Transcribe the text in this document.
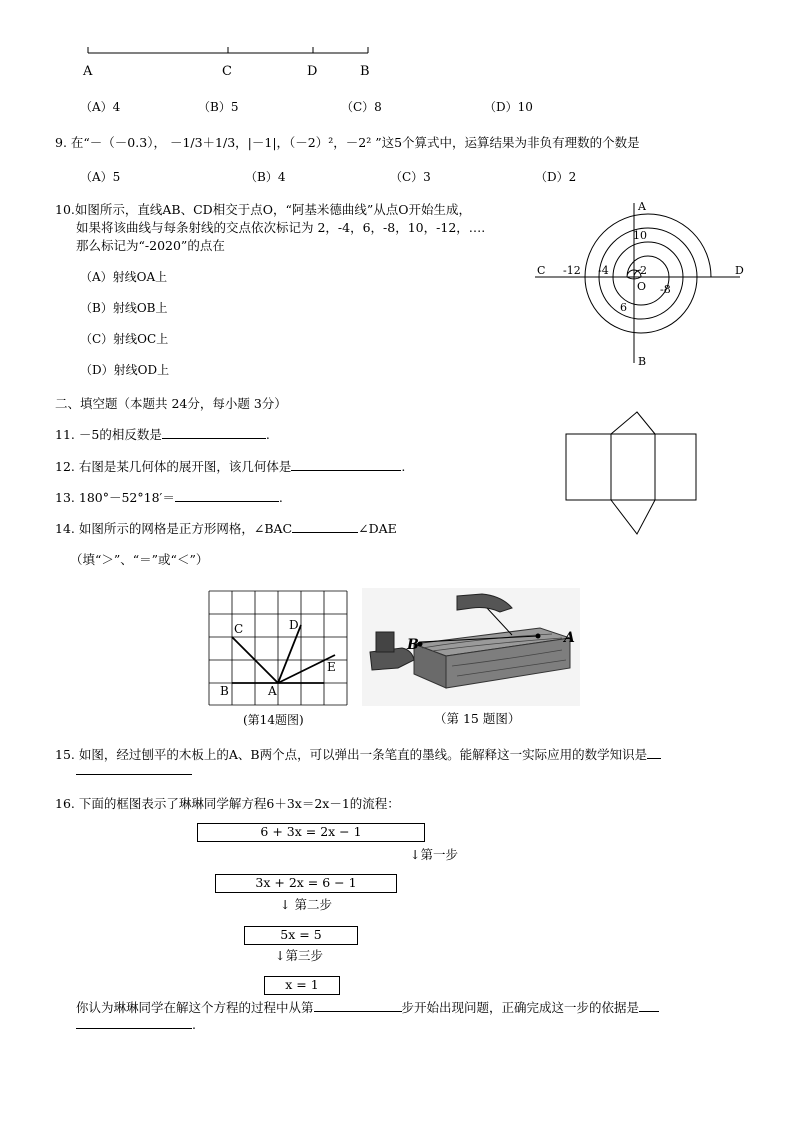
A	C	D	B
（A）4	（B）5	（C）8	（D）10
9. 在“－（－0.3）， －1/3＋1/3，|－1|，（－2）²，－2² ”这5个算式中，运算结果为非负有理数的个数是
（A）5	（B）4	（C）3	（D）2
10.如图所示，直线AB、CD相交于点O，“阿基米德曲线”从点O开始生成，
如果将该曲线与每条射线的交点依次标记为 2，-4，6，-8，10，-12，….
那么标记为“-2020”的点在
（A）射线OA上
（B）射线OB上
（C）射线OC上
（D）射线OD上
A
B
C	D
O
10
-12 -4	2
-8
6
二、填空题（本题共 24分，每小题 3分）
11. －5的相反数是	.
12. 右图是某几何体的展开图，该几何体是	.
13. 180°－52°18′＝	.
14. 如图所示的网格是正方形网格，∠BAC	∠DAE
（填“＞”、“＝”或“＜”）
C	D
E
B	A
(第14题图)
B	A
（第 15 题图）
15. 如图，经过刨平的木板上的A、B两个点，可以弹出一条笔直的墨线。能解释这一实际应用的数学知识是
16. 下面的框图表示了琳琳同学解方程6＋3x＝2x－1的流程：
6 + 3x = 2x − 1
↓第一步
3x + 2x = 6 − 1
↓ 第二步
5x = 5
↓第三步
x = 1
你认为琳琳同学在解这个方程的过程中从第	步开始出现问题，正确完成这一步的依据是
.
